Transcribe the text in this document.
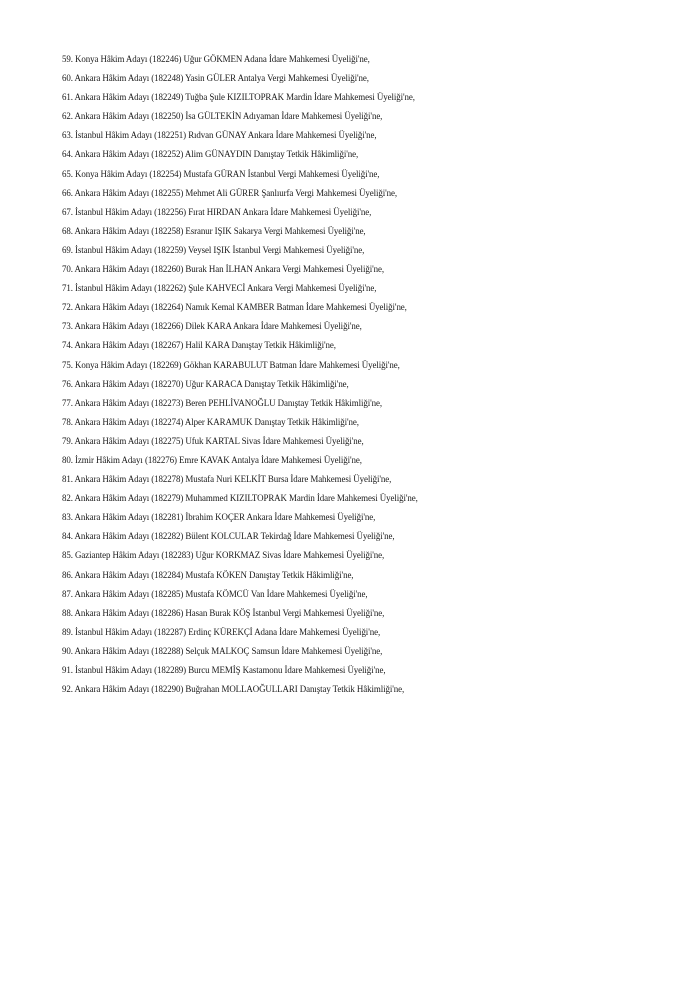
59. Konya Hâkim Adayı (182246) Uğur GÖKMEN Adana İdare Mahkemesi Üyeliği'ne,
60. Ankara Hâkim Adayı (182248) Yasin GÜLER Antalya Vergi Mahkemesi Üyeliği'ne,
61. Ankara Hâkim Adayı (182249) Tuğba Şule KIZILTOPRAK Mardin İdare Mahkemesi Üyeliği'ne,
62. Ankara Hâkim Adayı (182250) İsa GÜLTEKİN Adıyaman İdare Mahkemesi Üyeliği'ne,
63. İstanbul Hâkim Adayı (182251) Rıdvan GÜNAY Ankara İdare Mahkemesi Üyeliği'ne,
64. Ankara Hâkim Adayı (182252) Alim GÜNAYDIN Danıştay Tetkik Hâkimliği'ne,
65. Konya Hâkim Adayı (182254) Mustafa GÜRAN İstanbul Vergi Mahkemesi Üyeliği'ne,
66. Ankara Hâkim Adayı (182255) Mehmet Ali GÜRER Şanlıurfa Vergi Mahkemesi Üyeliği'ne,
67. İstanbul Hâkim Adayı (182256) Fırat HIRDAN Ankara İdare Mahkemesi Üyeliği'ne,
68. Ankara Hâkim Adayı (182258) Esranur IŞIK Sakarya Vergi Mahkemesi Üyeliği'ne,
69. İstanbul Hâkim Adayı (182259) Veysel IŞIK İstanbul Vergi Mahkemesi Üyeliği'ne,
70. Ankara Hâkim Adayı (182260) Burak Han İLHAN Ankara Vergi Mahkemesi Üyeliği'ne,
71. İstanbul Hâkim Adayı (182262) Şule KAHVECİ Ankara Vergi Mahkemesi Üyeliği'ne,
72. Ankara Hâkim Adayı (182264) Namık Kemal KAMBER Batman İdare Mahkemesi Üyeliği'ne,
73. Ankara Hâkim Adayı (182266) Dilek KARA Ankara İdare Mahkemesi Üyeliği'ne,
74. Ankara Hâkim Adayı (182267) Halil KARA Danıştay Tetkik Hâkimliği'ne,
75. Konya Hâkim Adayı (182269) Gökhan KARABULUT Batman İdare Mahkemesi Üyeliği'ne,
76. Ankara Hâkim Adayı (182270) Uğur KARACA Danıştay Tetkik Hâkimliği'ne,
77. Ankara Hâkim Adayı (182273) Beren PEHLİVANOĞLU Danıştay Tetkik Hâkimliği'ne,
78. Ankara Hâkim Adayı (182274) Alper KARAMUK Danıştay Tetkik Hâkimliği'ne,
79. Ankara Hâkim Adayı (182275) Ufuk KARTAL Sivas İdare Mahkemesi Üyeliği'ne,
80. İzmir Hâkim Adayı (182276) Emre KAVAK Antalya İdare Mahkemesi Üyeliği'ne,
81. Ankara Hâkim Adayı (182278) Mustafa Nuri KELKİT Bursa İdare Mahkemesi Üyeliği'ne,
82. Ankara Hâkim Adayı (182279) Muhammed KIZILTOPRAK Mardin İdare Mahkemesi Üyeliği'ne,
83. Ankara Hâkim Adayı (182281) İbrahim KOÇER Ankara İdare Mahkemesi Üyeliği'ne,
84. Ankara Hâkim Adayı (182282) Bülent KOLCULAR Tekirdağ İdare Mahkemesi Üyeliği'ne,
85. Gaziantep Hâkim Adayı (182283) Uğur KORKMAZ Sivas İdare Mahkemesi Üyeliği'ne,
86. Ankara Hâkim Adayı (182284) Mustafa KÖKEN Danıştay Tetkik Hâkimliği'ne,
87. Ankara Hâkim Adayı (182285) Mustafa KÖMCÜ Van İdare Mahkemesi Üyeliği'ne,
88. Ankara Hâkim Adayı (182286) Hasan Burak KÖŞ İstanbul Vergi Mahkemesi Üyeliği'ne,
89. İstanbul Hâkim Adayı (182287) Erdinç KÜREKÇİ Adana İdare Mahkemesi Üyeliği'ne,
90. Ankara Hâkim Adayı (182288) Selçuk MALKOÇ Samsun İdare Mahkemesi Üyeliği'ne,
91. İstanbul Hâkim Adayı (182289) Burcu MEMİŞ Kastamonu İdare Mahkemesi Üyeliği'ne,
92. Ankara Hâkim Adayı (182290) Buğrahan MOLLAOĞULLARI Danıştay Tetkik Hâkimliği'ne,
